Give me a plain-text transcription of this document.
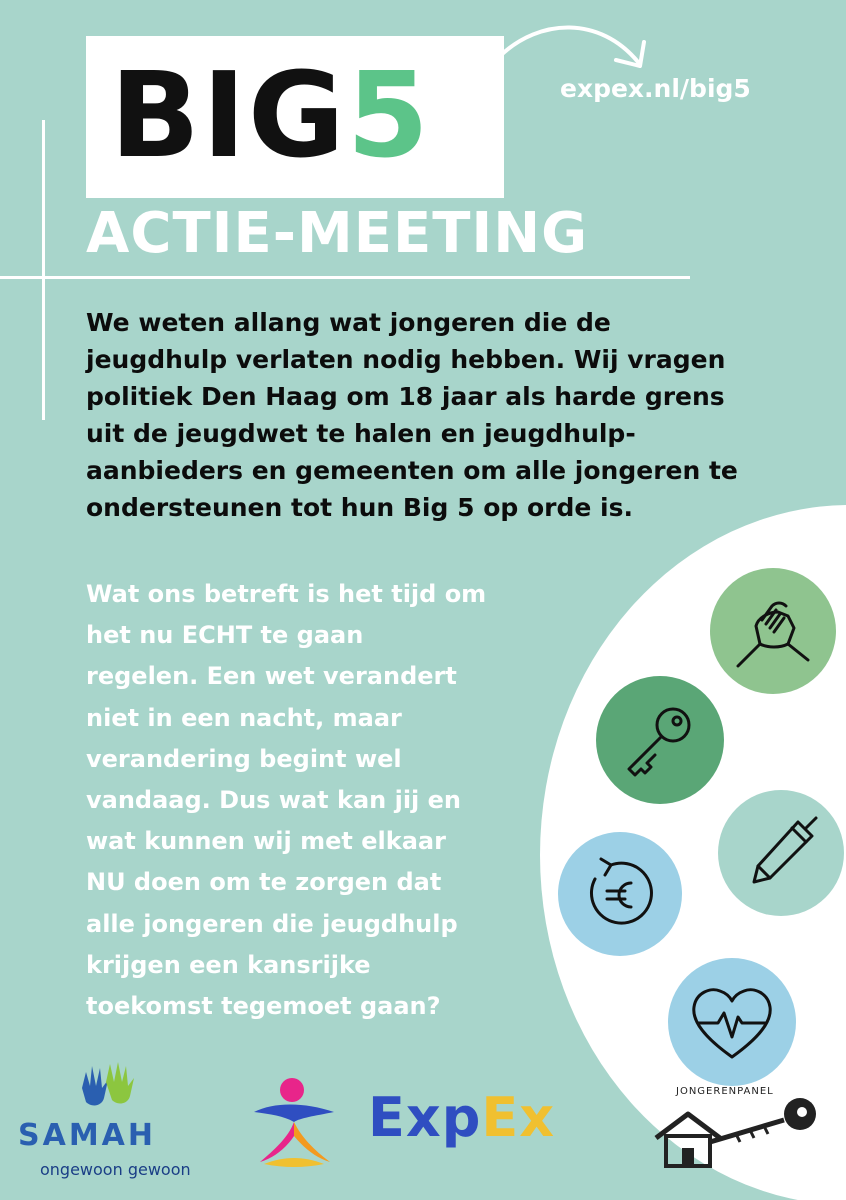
BIG5	expex.nl/big5
ACTIE-MEETING
We weten allang wat jongeren die de
jeugdhulp verlaten nodig hebben. Wij vragen
politiek Den Haag om 18 jaar als harde grens
uit de jeugdwet te halen en jeugdhulp-
aanbieders en gemeenten om alle jongeren te
ondersteunen tot hun Big 5 op orde is.
Wat ons betreft is het tijd om
het nu ECHT te gaan
regelen. Een wet verandert
niet in een nacht, maar
verandering begint wel
vandaag. Dus wat kan jij en
wat kunnen wij met elkaar
NU doen om te zorgen dat
alle jongeren die jeugdhulp
krijgen een kansrijke
toekomst tegemoet gaan?
SAMAH
ongewoon gewoon
ExpEx	JONGERENPANEL
